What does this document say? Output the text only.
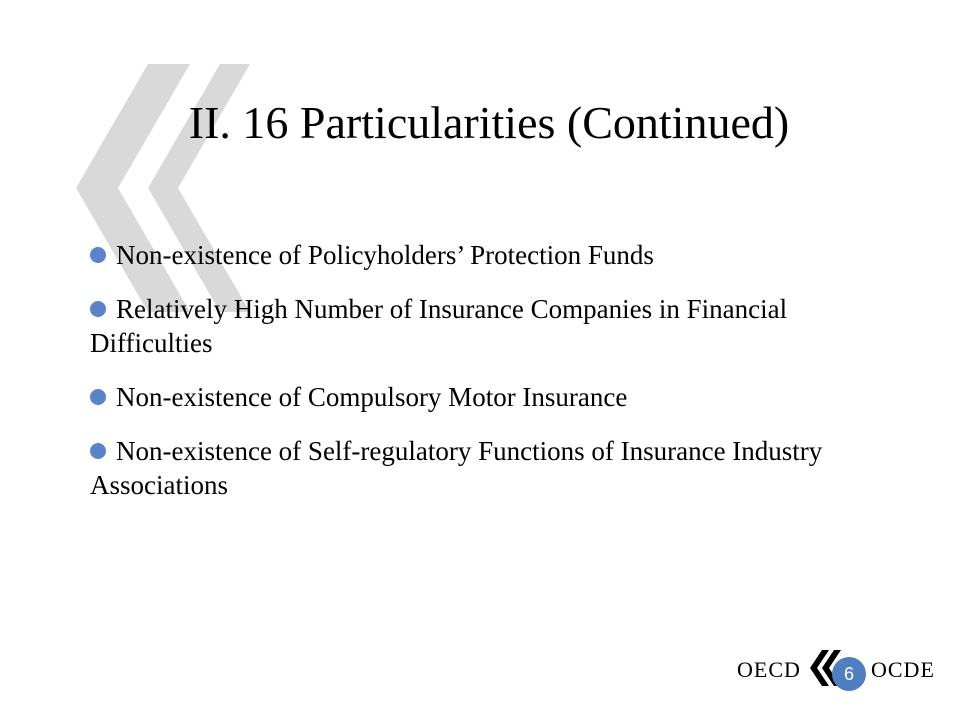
II. 16 Particularities (Continued)
Non-existence of Policyholders’ Protection Funds
Relatively High Number of Insurance Companies in Financial Difficulties
Non-existence of Compulsory Motor Insurance
Non-existence of Self-regulatory Functions of Insurance Industry Associations
OECD	6 OCDE
